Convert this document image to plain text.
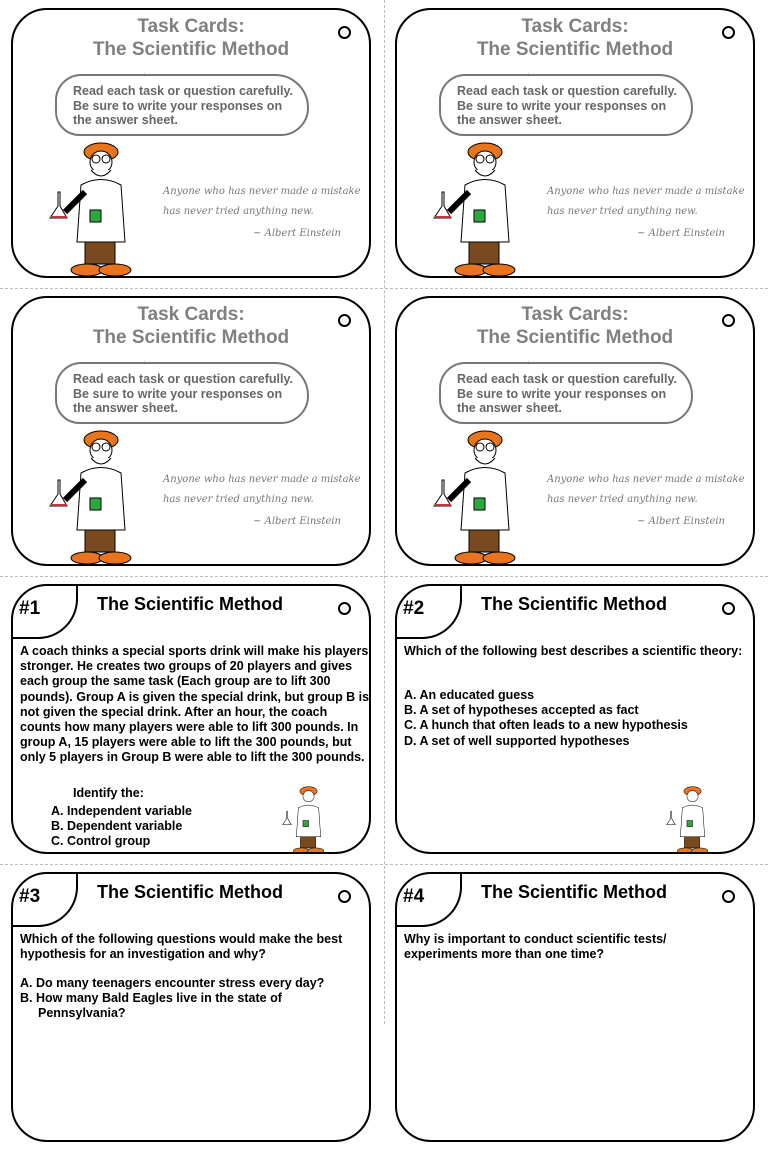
Task Cards:
The Scientific Method
Read each task or question carefully. Be sure to write your responses on the answer sheet.
Anyone who has never made a mistake
has never tried anything new.
~ Albert Einstein
Task Cards:
The Scientific Method
Read each task or question carefully. Be sure to write your responses on the answer sheet.
Anyone who has never made a mistake
has never tried anything new.
~ Albert Einstein
Task Cards:
The Scientific Method
Read each task or question carefully. Be sure to write your responses on the answer sheet.
Anyone who has never made a mistake
has never tried anything new.
~ Albert Einstein
Task Cards:
The Scientific Method
Read each task or question carefully. Be sure to write your responses on the answer sheet.
Anyone who has never made a mistake
has never tried anything new.
~ Albert Einstein
#1	The Scientific Method
A coach thinks a special sports drink will make his players stronger. He creates two groups of 20 players and gives each group the same task (Each group are to lift 300 pounds). Group A is given the special drink, but group B is not given the special drink. After an hour, the coach counts how many players were able to lift 300 pounds. In group A, 15 players were able to lift the 300 pounds, but only 5 players in Group B were able to lift the 300 pounds.
Identify the:
A. Independent variable
B. Dependent variable
C. Control group
#2	The Scientific Method
Which of the following best describes a scientific theory:
A. An educated guess
B. A set of hypotheses accepted as fact
C. A hunch that often leads to a new hypothesis
D. A set of well supported hypotheses
#3	The Scientific Method
Which of the following questions would make the best hypothesis for an investigation and why?
A. Do many teenagers encounter stress every day?
B. How many Bald Eagles live in the state of Pennsylvania?
#4	The Scientific Method
Why is important to conduct scientific tests/ experiments more than one time?
